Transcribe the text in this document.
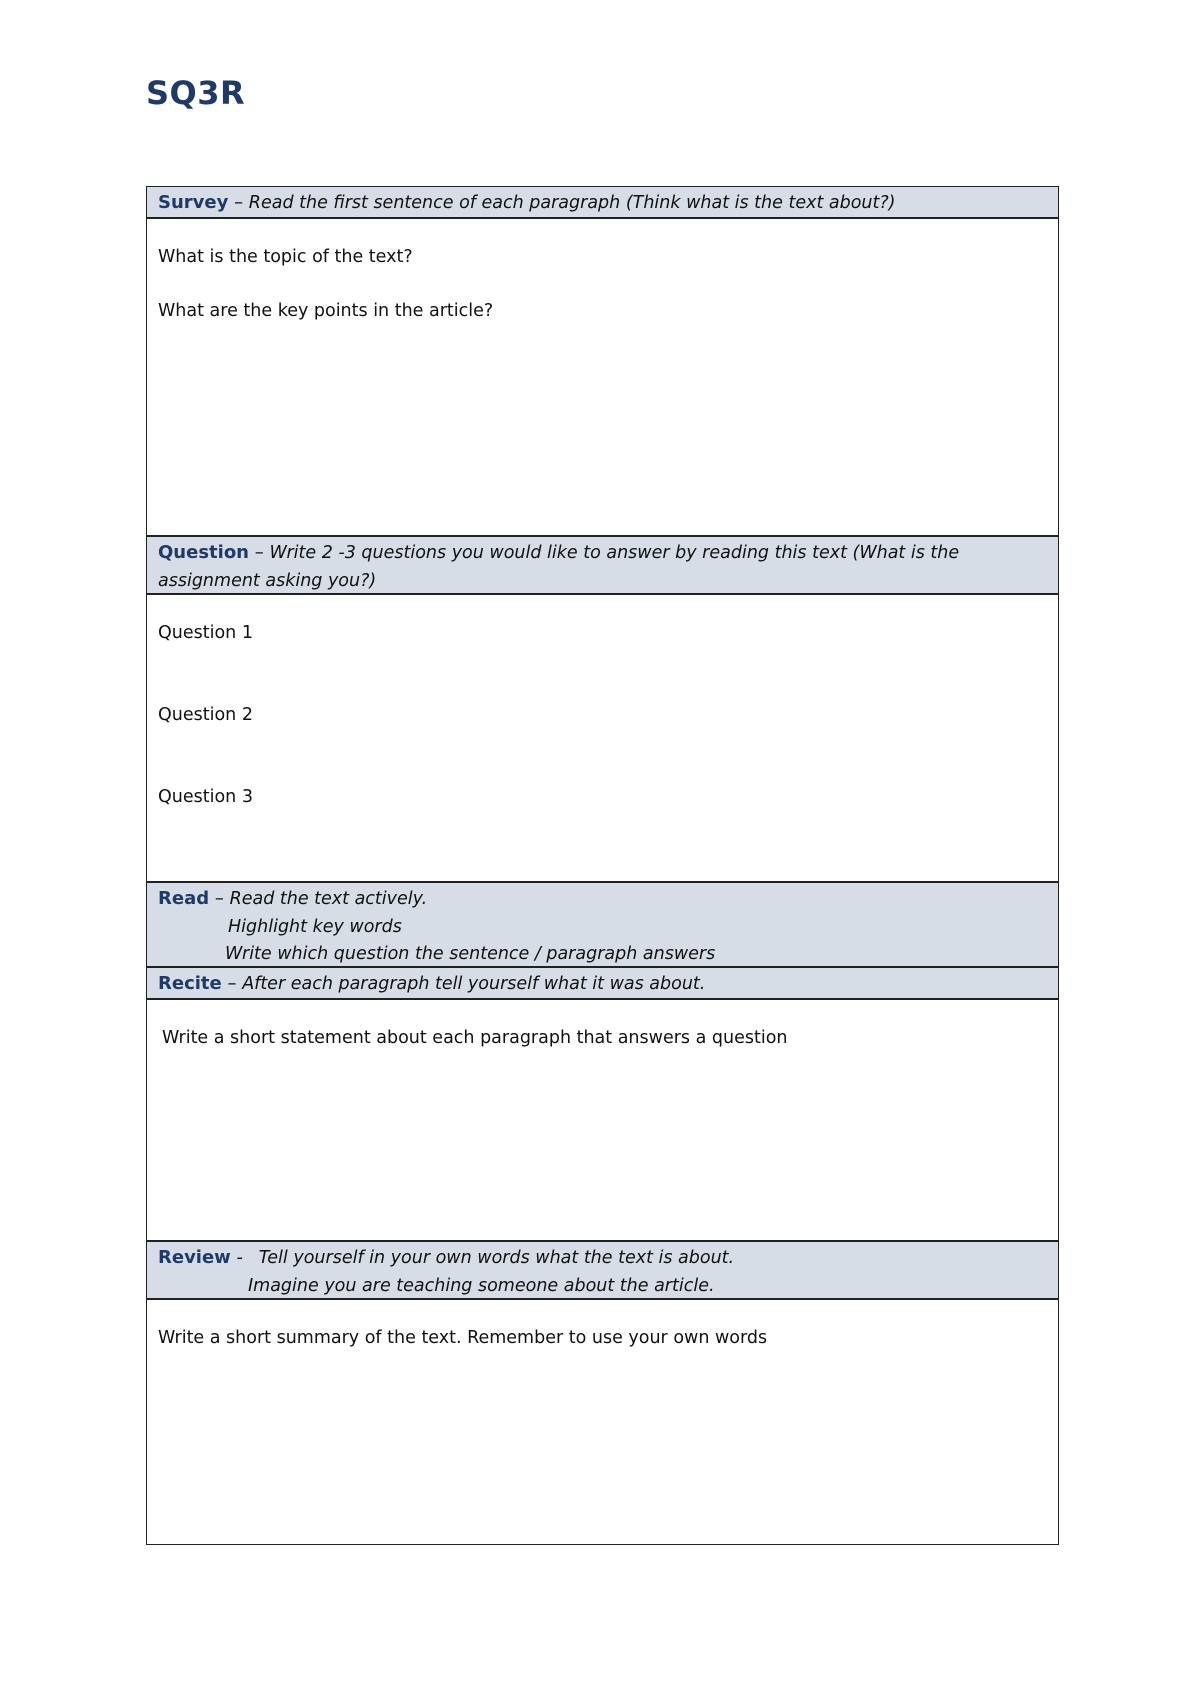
SQ3R
Survey – Read the first sentence of each paragraph (Think what is the text about?)

What is the topic of the text?

What are the key points in the article?

Question – Write 2 -3 questions you would like to answer by reading this text (What is the assignment asking you?)

Question 1

Question 2

Question 3

Read – Read the text actively.
Highlight key words
Write which question the sentence / paragraph answers
Recite – After each paragraph tell yourself what it was about.

Write a short statement about each paragraph that answers a question

Review - Tell yourself in your own words what the text is about.
Imagine you are teaching someone about the article.

Write a short summary of the text. Remember to use your own words
